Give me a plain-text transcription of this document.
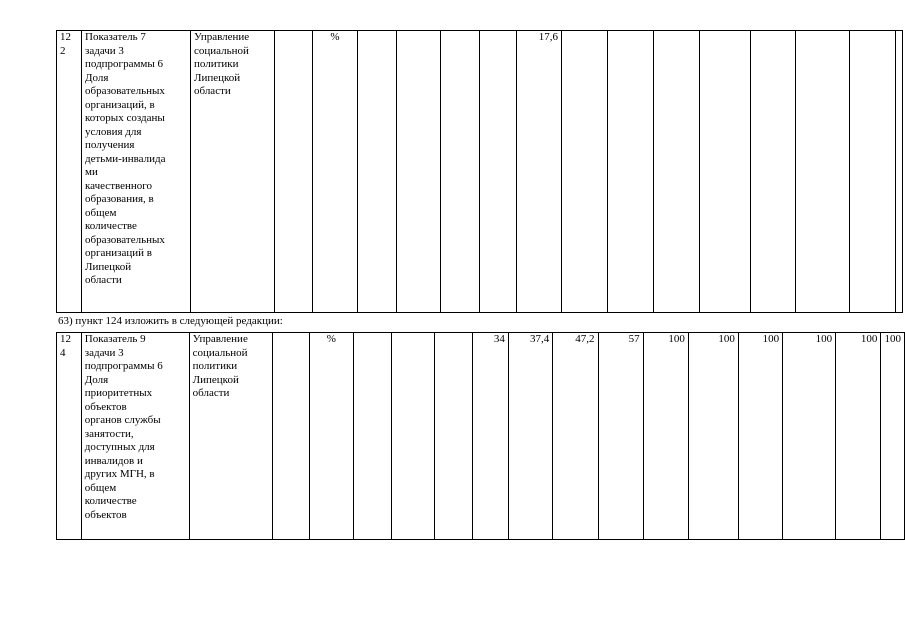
12
2	Показатель 7
задачи 3
подпрограммы 6
Доля
образовательных
организаций, в
которых созданы
условия для
получения
детьми-инвалида
ми
качественного
образования, в
общем
количестве
образовательных
организаций в
Липецкой
области	Управление
социальной
политики
Липецкой
области		%					17,6								
63) пункт 124 изложить в следующей редакции:
12
4	Показатель 9
задачи 3
подпрограммы 6
Доля
приоритетных
объектов
органов службы
занятости,
доступных для
инвалидов и
других МГН, в
общем
количестве
объектов	Управление
социальной
политики
Липецкой
области		%				34	37,4	47,2	57	100	100	100	100	100	100
